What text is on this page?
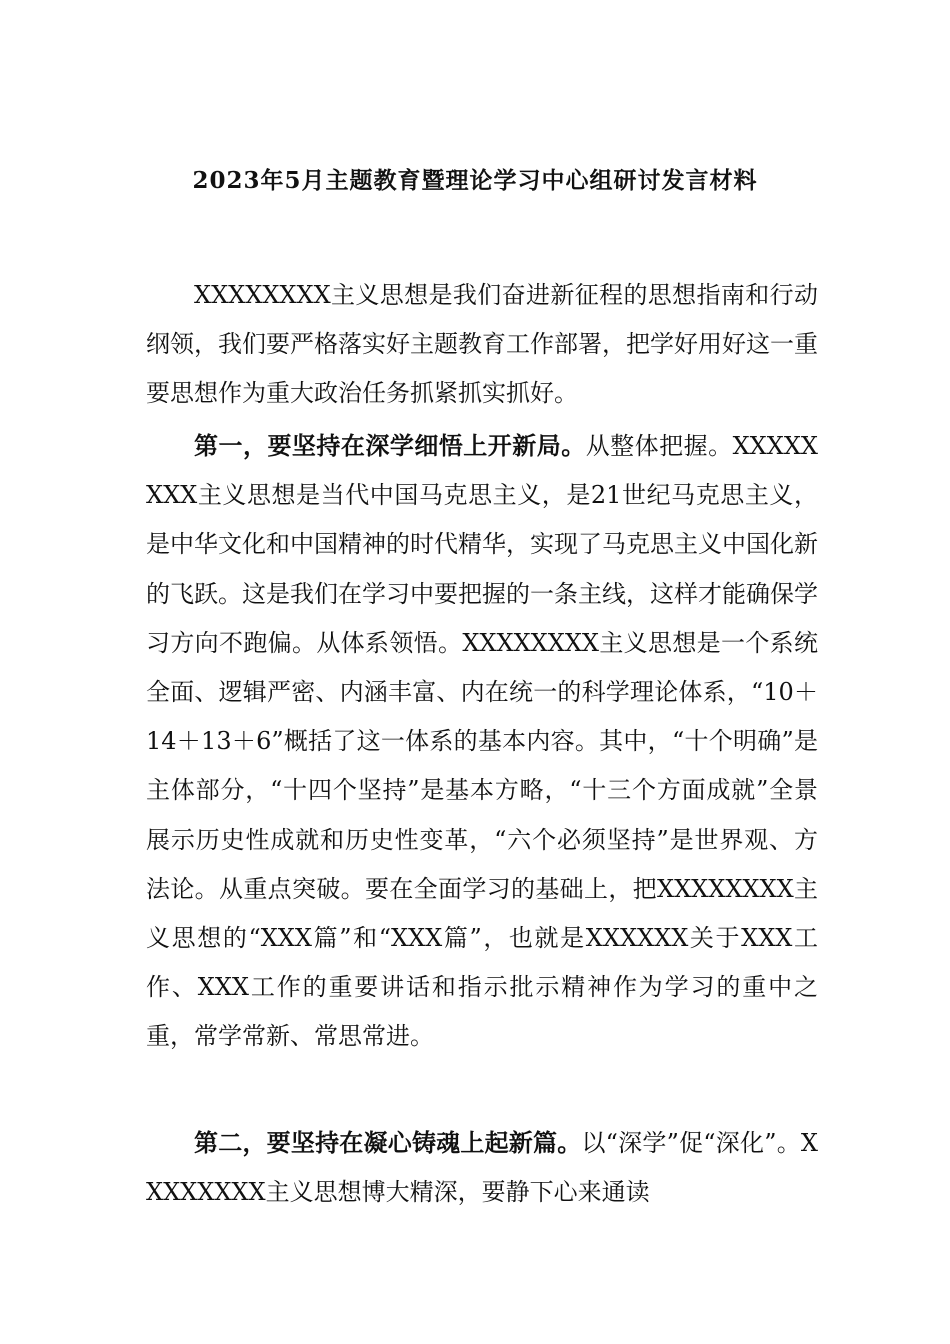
2023年5月主题教育暨理论学习中心组研讨发言材料

XXXXXXXX主义思想是我们奋进新征程的思想指南和行动纲领，我们要严格落实好主题教育工作部署，把学好用好这一重要思想作为重大政治任务抓紧抓实抓好。

第一，要坚持在深学细悟上开新局。从整体把握。XXXXXXXX主义思想是当代中国马克思主义，是21世纪马克思主义，是中华文化和中国精神的时代精华，实现了马克思主义中国化新的飞跃。这是我们在学习中要把握的一条主线，这样才能确保学习方向不跑偏。从体系领悟。XXXXXXXX主义思想是一个系统全面、逻辑严密、内涵丰富、内在统一的科学理论体系，“10＋14＋13＋6”概括了这一体系的基本内容。其中，“十个明确”是主体部分，“十四个坚持”是基本方略，“十三个方面成就”全景展示历史性成就和历史性变革，“六个必须坚持”是世界观、方法论。从重点突破。要在全面学习的基础上，把XXXXXXXX主义思想的“XXX篇”和“XXX篇”，也就是XXXXXX关于XXX工作、XXX工作的重要讲话和指示批示精神作为学习的重中之重，常学常新、常思常进。

第二，要坚持在凝心铸魂上起新篇。以“深学”促“深化”。XXXXXXXX主义思想博大精深，要静下心来通读
